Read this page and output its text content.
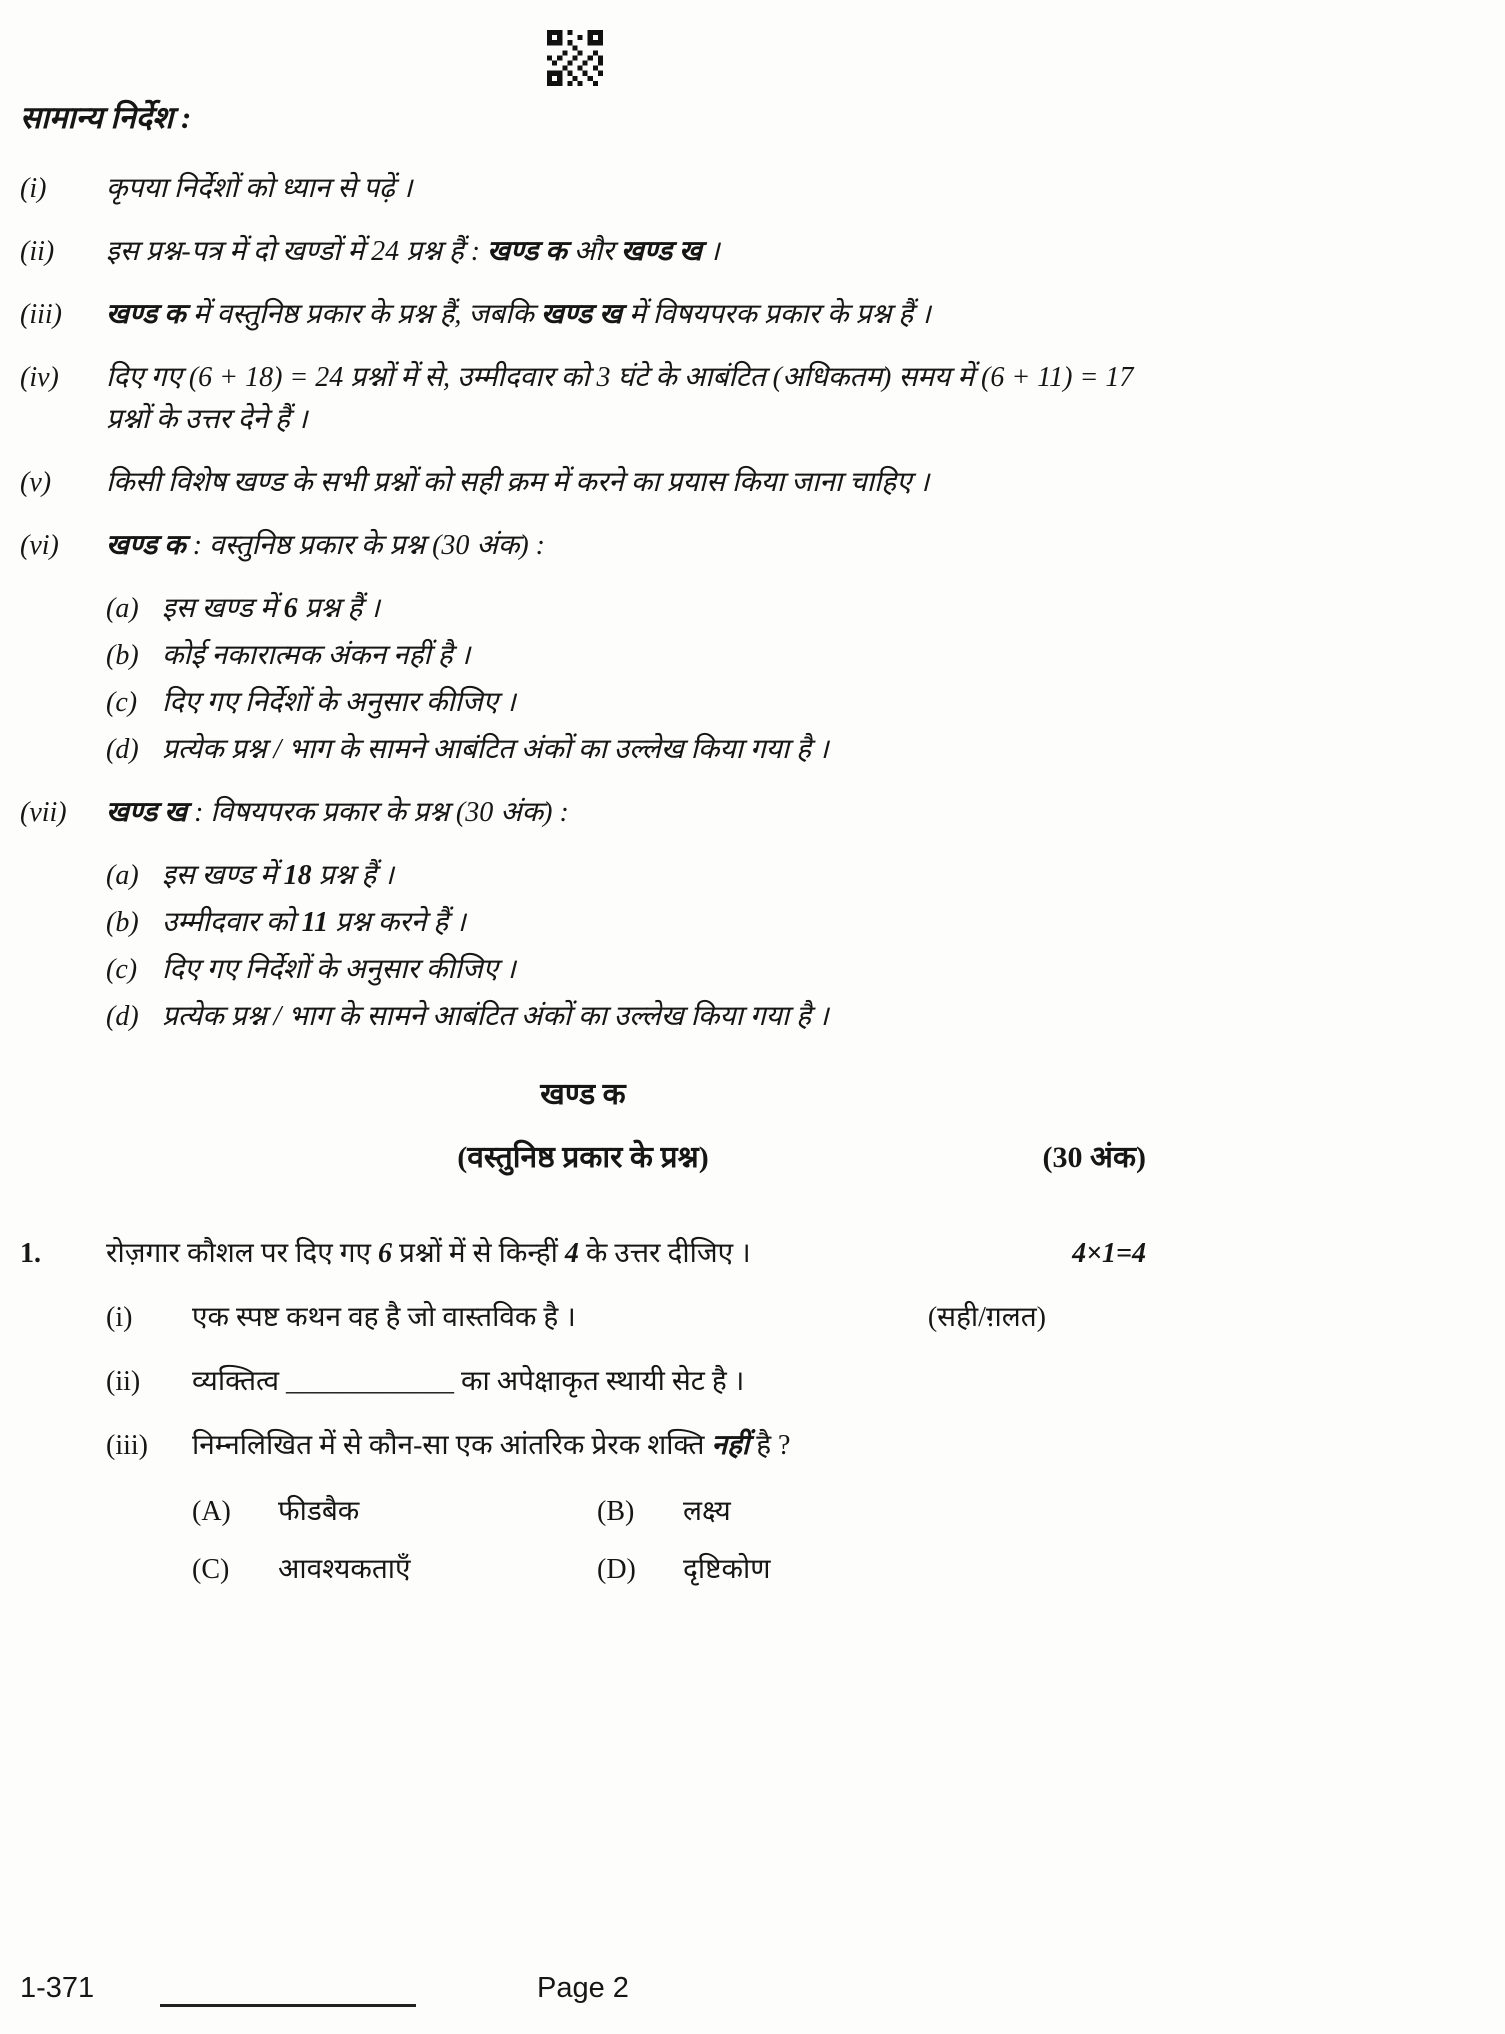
सामान्य निर्देश :
(i)	कृपया निर्देशों को ध्यान से पढ़ें ।
(ii)	इस प्रश्न-पत्र में दो खण्डों में 24 प्रश्न हैं : खण्ड क और खण्ड ख ।
(iii)	खण्ड क में वस्तुनिष्ठ प्रकार के प्रश्न हैं, जबकि खण्ड ख में विषयपरक प्रकार के प्रश्न हैं ।
(iv)	दिए गए (6 + 18) = 24 प्रश्नों में से, उम्मीदवार को 3 घंटे के आबंटित (अधिकतम) समय में (6 + 11) = 17 प्रश्नों के उत्तर देने हैं ।
(v)	किसी विशेष खण्ड के सभी प्रश्नों को सही क्रम में करने का प्रयास किया जाना चाहिए ।
(vi)	खण्ड क : वस्तुनिष्ठ प्रकार के प्रश्न (30 अंक) :
(a) इस खण्ड में 6 प्रश्न हैं ।
(b) कोई नकारात्मक अंकन नहीं है ।
(c) दिए गए निर्देशों के अनुसार कीजिए ।
(d) प्रत्येक प्रश्न / भाग के सामने आबंटित अंकों का उल्लेख किया गया है ।
(vii)	खण्ड ख : विषयपरक प्रकार के प्रश्न (30 अंक) :
(a) इस खण्ड में 18 प्रश्न हैं ।
(b) उम्मीदवार को 11 प्रश्न करने हैं ।
(c) दिए गए निर्देशों के अनुसार कीजिए ।
(d) प्रत्येक प्रश्न / भाग के सामने आबंटित अंकों का उल्लेख किया गया है ।
खण्ड क
(वस्तुनिष्ठ प्रकार के प्रश्न)	(30 अंक)
1.	रोज़गार कौशल पर दिए गए 6 प्रश्नों में से किन्हीं 4 के उत्तर दीजिए ।	4×1=4
(i)	एक स्पष्ट कथन वह है जो वास्तविक है ।	(सही/ग़लत)
(ii)	व्यक्तित्व ____________ का अपेक्षाकृत स्थायी सेट है ।
(iii)	निम्नलिखित में से कौन-सा एक आंतरिक प्रेरक शक्ति नहीं है ?
(A)	फीडबैक	(B)	लक्ष्य
(C)	आवश्यकताएँ	(D)	दृष्टिकोण
1-371	Page 2
